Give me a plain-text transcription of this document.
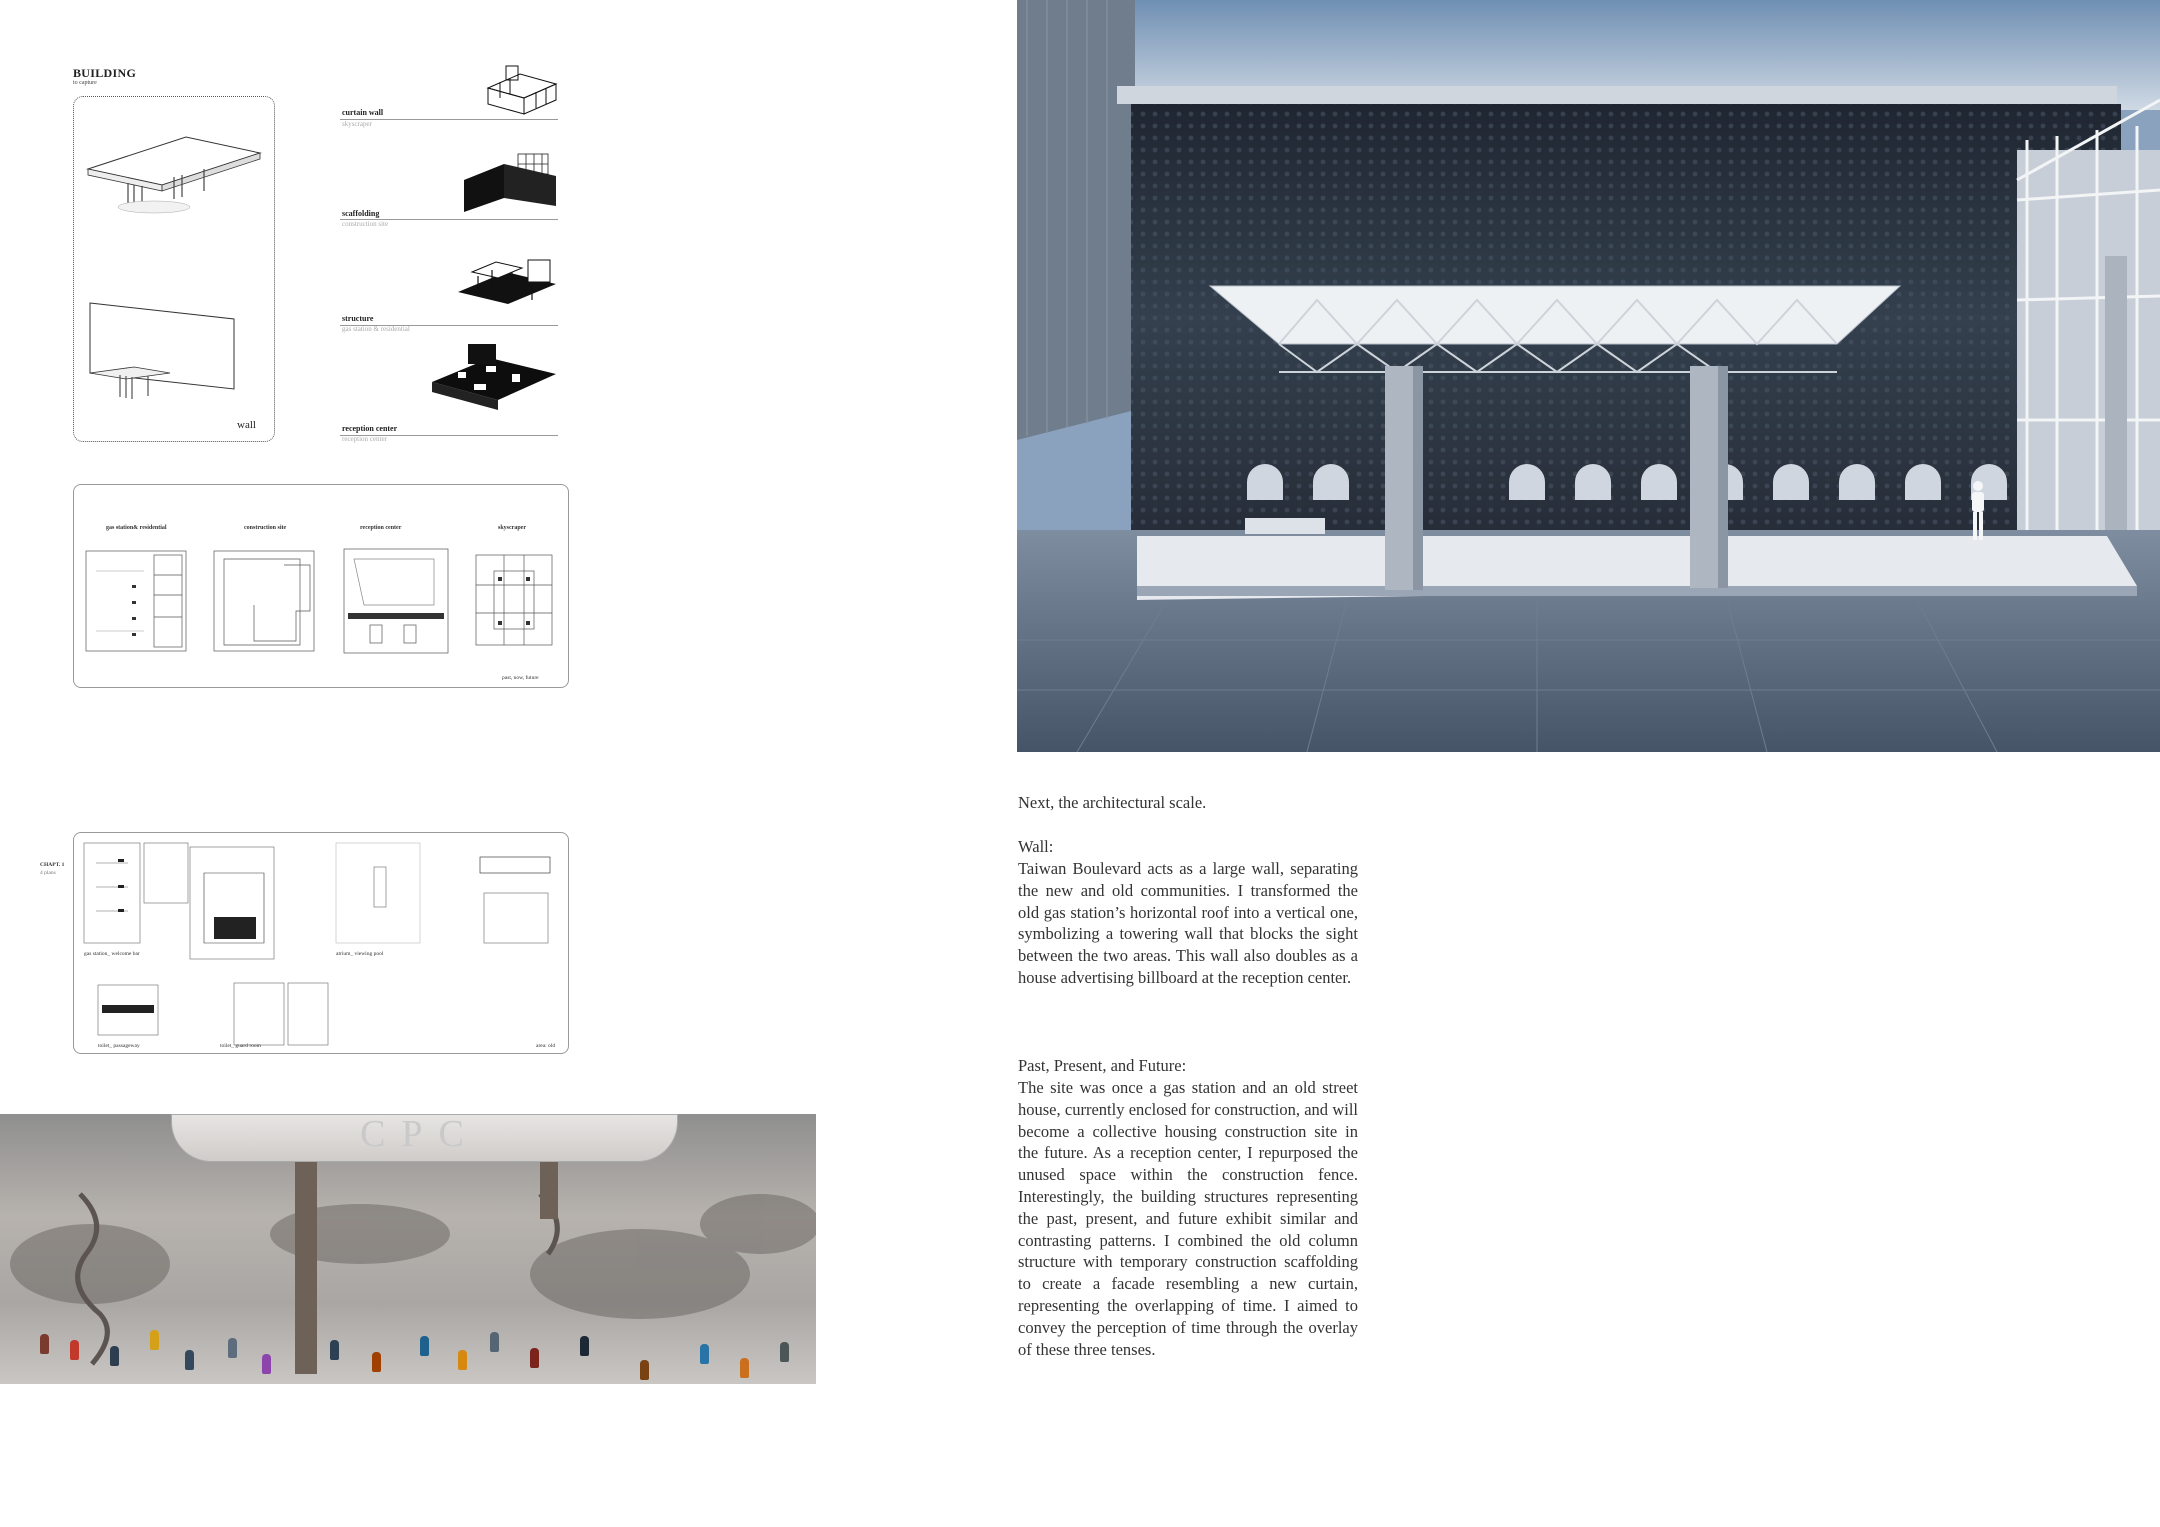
BUILDING
to capture
wall
curtain wall
skyscraper
scaffolding
construction site
structure
gas station & residential
reception center
reception center
gas station& residential	construction site	reception center	skyscraper
past, now, future
CHAPT. 1
4 plans
gas station_ welcome bar	atrium_ viewing pool
toilet_ passageway	toilet_ guard room	area: old
CPC

Next, the architectural scale.

Wall:

Taiwan Boulevard acts as a large wall, separating the new and old communities. I transformed the old gas station’s horizontal roof into a vertical one, symbolizing a towering wall that blocks the sight between the two areas. This wall also doubles as a house advertising billboard at the reception center.

Past, Present, and Future:

The site was once a gas station and an old street house, currently enclosed for construction, and will become a collective housing construction site in the future. As a reception center, I repurposed the unused space within the construction fence. Interestingly, the building structures representing the past, present, and future exhibit similar and contrasting patterns. I combined the old column structure with temporary construction scaffolding to create a facade resembling a new curtain, representing the overlapping of time. I aimed to convey the perception of time through the overlay of these three tenses.
